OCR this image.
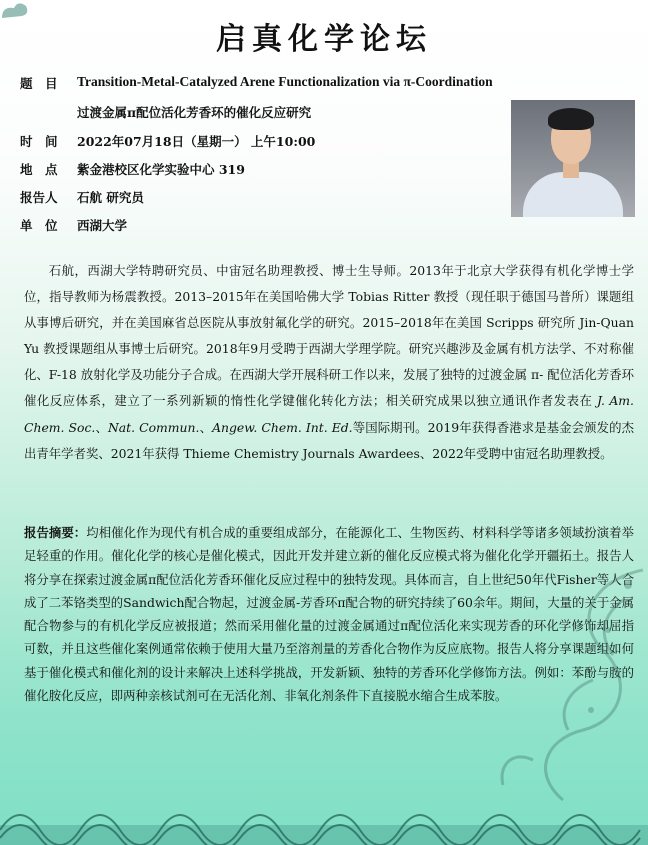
启真化学论坛
题　目	Transition-Metal-Catalyzed Arene Functionalization via π-Coordination
过渡金属π配位活化芳香环的催化反应研究
时　间	2022年07月18日（星期一） 上午10:00
地　点	紫金港校区化学实验中心 319
报告人	石航 研究员
单　位	西湖大学

石航，西湖大学特聘研究员、中宙冠名助理教授、博士生导师。2013年于北京大学获得有机化学博士学位，指导教师为杨震教授。2013–2015年在美国哈佛大学 Tobias Ritter 教授（现任职于德国马普所）课题组从事博后研究，并在美国麻省总医院从事放射氟化学的研究。2015–2018年在美国 Scripps 研究所 Jin-Quan Yu 教授课题组从事博士后研究。2018年9月受聘于西湖大学理学院。研究兴趣涉及金属有机方法学、不对称催化、F-18 放射化学及功能分子合成。在西湖大学开展科研工作以来，发展了独特的过渡金属 π- 配位活化芳香环催化反应体系，建立了一系列新颖的惰性化学键催化转化方法；相关研究成果以独立通讯作者发表在 J. Am. Chem. Soc.、Nat. Commun.、Angew. Chem. Int. Ed.等国际期刊。2019年获得香港求是基金会颁发的杰出青年学者奖、2021年获得 Thieme Chemistry Journals Awardees、2022年受聘中宙冠名助理教授。

报告摘要：均相催化作为现代有机合成的重要组成部分，在能源化工、生物医药、材料科学等诸多领域扮演着举足轻重的作用。催化化学的核心是催化模式，因此开发并建立新的催化反应模式将为催化化学开疆拓土。报告人将分享在探索过渡金属π配位活化芳香环催化反应过程中的独特发现。具体而言，自上世纪50年代Fisher等人合成了二苯铬类型的Sandwich配合物起，过渡金属-芳香环π配合物的研究持续了60余年。期间，大量的关于金属配合物参与的有机化学反应被报道；然而采用催化量的过渡金属通过π配位活化来实现芳香的环化学修饰却屈指可数，并且这些催化案例通常依赖于使用大量乃至溶剂量的芳香化合物作为反应底物。报告人将分享课题组如何基于催化模式和催化剂的设计来解决上述科学挑战，开发新颖、独特的芳香环化学修饰方法。例如：苯酚与胺的催化胺化反应，即两种亲核试剂可在无活化剂、非氧化剂条件下直接脱水缩合生成苯胺。
